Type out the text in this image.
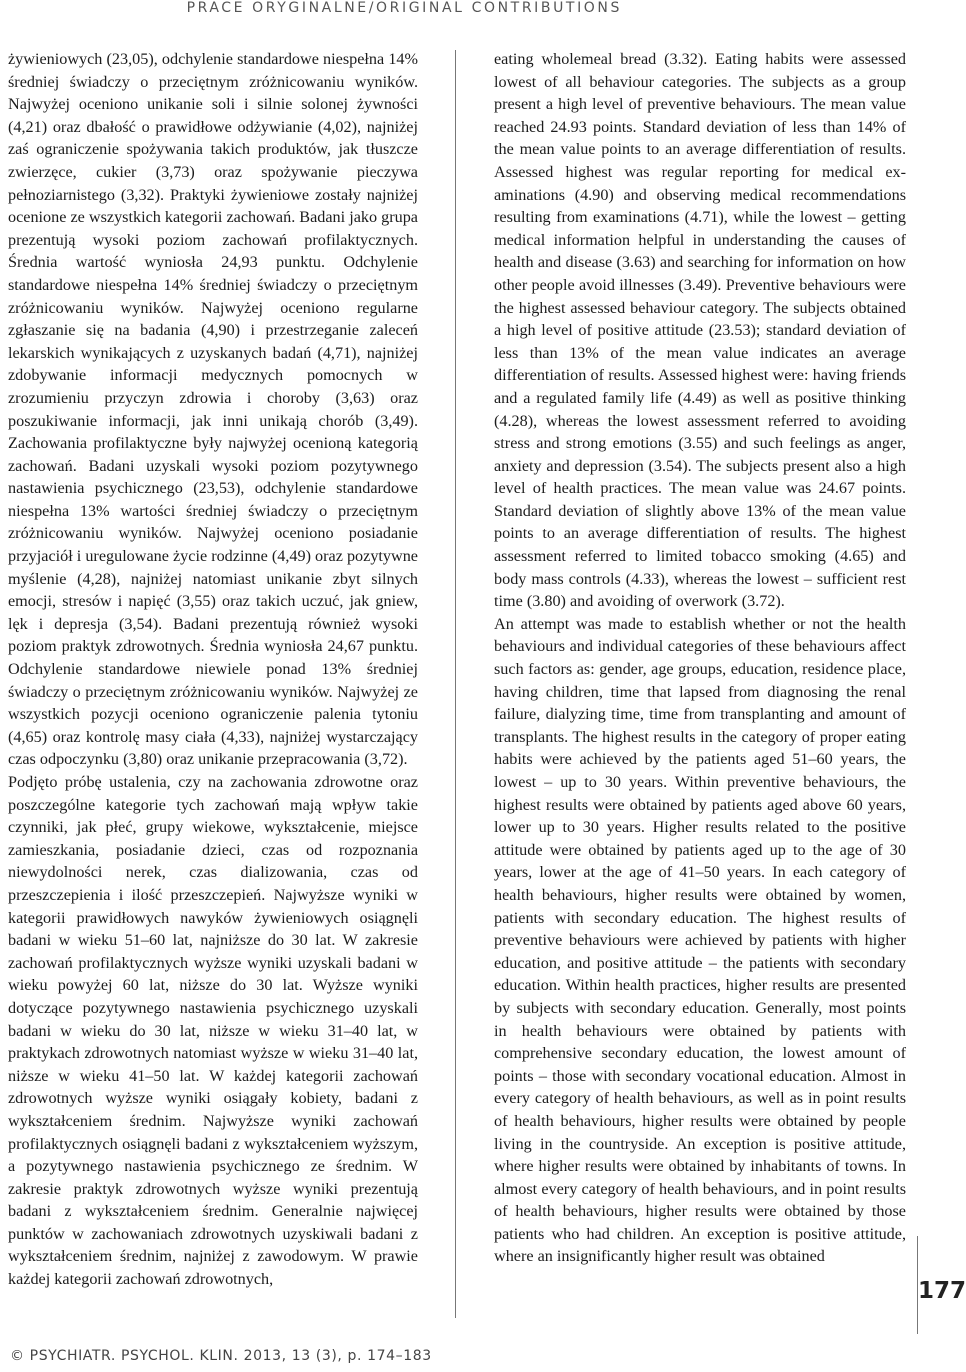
PRACE ORYGINALNE/ORIGINAL CONTRIBUTIONS

żywieniowych (23,05), odchylenie standardowe niespełna 14% średniej świadczy o przeciętnym zróżnicowaniu wyników. Najwyżej oceniono unikanie soli i silnie solonej żywności (4,21) oraz dbałość o prawidłowe odżywianie (4,02), najniżej zaś ograniczenie spożywania takich produktów, jak tłuszcze zwierzęce, cukier (3,73) oraz spożywanie pieczywa pełnoziarnistego (3,32). Praktyki żywieniowe zostały najniżej ocenione ze wszystkich kategorii zachowań. Badani jako grupa prezentują wysoki poziom zachowań profilaktycznych. Średnia wartość wyniosła 24,93 punktu. Odchylenie standardowe niespełna 14% średniej świadczy o przeciętnym zróżnicowaniu wyników. Najwyżej oceniono regularne zgłaszanie się na badania (4,90) i przestrzeganie zaleceń lekarskich wynikających z uzyskanych badań (4,71), najniżej zdobywanie informacji medycznych pomocnych w zrozumieniu przyczyn zdrowia i choroby (3,63) oraz poszukiwanie informacji, jak inni unikają chorób (3,49). Zachowania profilaktyczne były najwyżej ocenioną kategorią zachowań. Badani uzyskali wysoki poziom pozytywnego nastawienia psychicznego (23,53), odchylenie standardowe niespełna 13% wartości średniej świadczy o przeciętnym zróżnicowaniu wyników. Najwyżej oceniono posiadanie przyjaciół i uregulowane życie rodzinne (4,49) oraz pozytywne myślenie (4,28), najniżej natomiast unikanie zbyt silnych emocji, stresów i napięć (3,55) oraz takich uczuć, jak gniew, lęk i depresja (3,54). Badani prezentują również wysoki poziom praktyk zdrowotnych. Średnia wyniosła 24,67 punktu. Odchylenie standardowe niewiele ponad 13% średniej świadczy o przeciętnym zróżnicowaniu wyników. Najwyżej ze wszystkich pozycji oceniono ograniczenie palenia tytoniu (4,65) oraz kontrolę masy ciała (4,33), najniżej wystarczający czas odpoczynku (3,80) oraz unikanie przepracowania (3,72).

Podjęto próbę ustalenia, czy na zachowania zdrowotne oraz poszczególne kategorie tych zachowań mają wpływ takie czynniki, jak płeć, grupy wiekowe, wykształcenie, miejsce zamieszkania, posiadanie dzieci, czas od rozpoznania niewydolności nerek, czas dializowania, czas od przeszczepienia i ilość przeszczepień. Najwyższe wyniki w kategorii prawidłowych nawyków żywieniowych osiągnęli badani w wieku 51–60 lat, najniższe do 30 lat. W zakresie zachowań profilaktycznych wyższe wyniki uzyskali badani w wieku powyżej 60 lat, niższe do 30 lat. Wyższe wyniki dotyczące pozytywnego nastawienia psychicznego uzyskali badani w wieku do 30 lat, niższe w wieku 31–40 lat, w praktykach zdrowotnych natomiast wyższe w wieku 31–40 lat, niższe w wieku 41–50 lat. W każdej kategorii zachowań zdrowotnych wyższe wyniki osiągały kobiety, badani z wykształceniem średnim. Najwyższe wyniki zachowań profilaktycznych osiągnęli badani z wykształceniem wyższym, a pozytywnego nastawienia psychicznego ze średnim. W zakresie praktyk zdrowotnych wyższe wyniki prezentują badani z wykształceniem średnim. Generalnie najwięcej punktów w zachowaniach zdrowotnych uzyskiwali badani z wykształceniem średnim, najniżej z zawodowym. W prawie każdej kategorii zachowań zdrowotnych,

eating wholemeal bread (3.32). Eating habits were assessed lowest of all behaviour categories. The subjects as a group present a high level of preventive behaviours. The mean value reached 24.93 points. Standard deviation of less than 14% of the mean value points to an average differentiation of results. Assessed highest was regular reporting for medical examinations (4.90) and observing medical recommendations resulting from examinations (4.71), while the lowest – getting medical information helpful in understanding the causes of health and disease (3.63) and searching for information on how other people avoid illnesses (3.49). Preventive behaviours were the highest assessed behaviour category. The subjects obtained a high level of positive attitude (23.53); standard deviation of less than 13% of the mean value indicates an average differentiation of results. Assessed highest were: having friends and a regulated family life (4.49) as well as positive thinking (4.28), whereas the lowest assessment referred to avoiding stress and strong emotions (3.55) and such feelings as anger, anxiety and depression (3.54). The subjects present also a high level of health practices. The mean value was 24.67 points. Standard deviation of slightly above 13% of the mean value points to an average differentiation of results. The highest assessment referred to limited tobacco smoking (4.65) and body mass controls (4.33), whereas the lowest – sufficient rest time (3.80) and avoiding of overwork (3.72).

An attempt was made to establish whether or not the health behaviours and individual categories of these behaviours affect such factors as: gender, age groups, education, residence place, having children, time that lapsed from diagnosing the renal failure, dialyzing time, time from transplanting and amount of transplants. The highest results in the category of proper eating habits were achieved by the patients aged 51–60 years, the lowest – up to 30 years. Within preventive behaviours, the highest results were obtained by patients aged above 60 years, lower up to 30 years. Higher results related to the positive attitude were obtained by patients aged up to the age of 30 years, lower at the age of 41–50 years. In each category of health behaviours, higher results were obtained by women, patients with secondary education. The highest results of preventive behaviours were achieved by patients with higher education, and positive attitude – the patients with secondary education. Within health practices, higher results are presented by subjects with secondary education. Generally, most points in health behaviours were obtained by patients with comprehensive secondary education, the lowest amount of points – those with secondary vocational education. Almost in every category of health behaviours, as well as in point results of health behaviours, higher results were obtained by people living in the countryside. An exception is positive attitude, where higher results were obtained by inhabitants of towns. In almost every category of health behaviours, and in point results of health behaviours, higher results were obtained by those patients who had children. An exception is positive attitude, where an insignificantly higher result was obtained

177
© PSYCHIATR. PSYCHOL. KLIN. 2013, 13 (3), p. 174–183
